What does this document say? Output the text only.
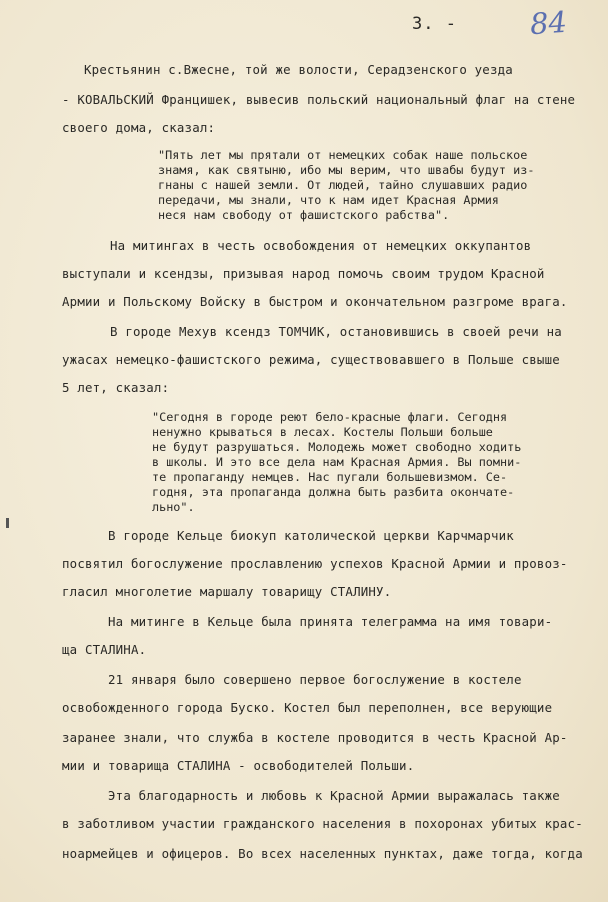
3. - 84
Крестьянин с.Вжесне, той же волости, Серадзенского уезда
- КОВАЛЬСКИЙ Францишек, вывесив польский национальный флаг на стене
своего дома, сказал:
"Пять лет мы прятали от немецких собак наше польское
знамя, как святыню, ибо мы верим, что швабы будут из-
гнаны с нашей земли. От людей, тайно слушавших радио
передачи, мы знали, что к нам идет Красная Армия
неся нам свободу от фашистского рабства".
На митингах в честь освобождения от немецких оккупантов
выступали и ксендзы, призывая народ помочь своим трудом Красной
Армии и Польскому Войску в быстром и окончательном разгроме врага.
В городе Мехув ксендз ТОМЧИК, остановившись в своей речи на
ужасах немецко-фашистского режима, существовавшего в Польше свыше
5 лет, сказал:
"Сегодня в городе реют бело-красные флаги. Сегодня
ненужно крываться в лесах. Костелы Польши больше
не будут разрушаться. Молодежь может свободно ходить
в школы. И это все дела нам Красная Армия. Вы помни-
те пропаганду немцев. Нас пугали большевизмом. Се-
годня, эта пропаганда должна быть разбита окончате-
льно".
В городе Кельце биокуп католической церкви Карчмарчик
посвятил богослужение прославлению успехов Красной Армии и провоз-
гласил многолетие маршалу товарищу СТАЛИНУ.
На митинге в Кельце была принята телеграмма на имя товари-
ща СТАЛИНА.
21 января было совершено первое богослужение в костеле
освобожденного города Буско. Костел был переполнен, все верующие
заранее знали, что служба в костеле проводится в честь Красной Ар-
мии и товарища СТАЛИНА - освободителей Польши.
Эта благодарность и любовь к Красной Армии выражалась также
в заботливом участии гражданского населения в похоронах убитых крас-
ноармейцев и офицеров. Во всех населенных пунктах, даже тогда, когда
